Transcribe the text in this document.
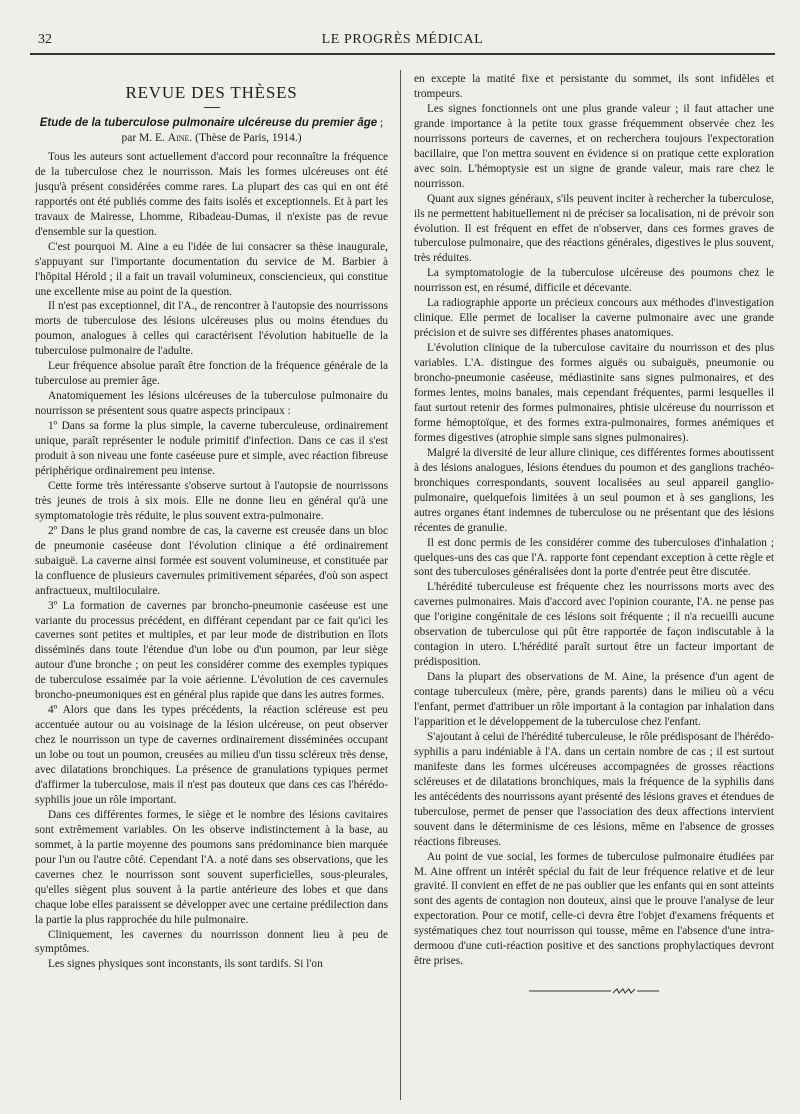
32	LE PROGRÈS MÉDICAL
REVUE DES THÈSES
Etude de la tuberculose pulmonaire ulcéreuse du premier âge ; par M. E. Aine. (Thèse de Paris, 1914.)

Tous les auteurs sont actuellement d'accord pour reconnaître la fréquence de la tuberculose chez le nourrisson. Mais les formes ulcéreuses ont été jusqu'à présent considérées comme rares. La plupart des cas qui en ont été rapportés ont été publiés comme des faits isolés et exceptionnels. Et à part les travaux de Mairesse, Lhomme, Ribadeau-Dumas, il n'existe pas de revue d'ensemble sur la question.

C'est pourquoi M. Aine a eu l'idée de lui consacrer sa thèse inaugurale, s'appuyant sur l'importante documentation du service de M. Barbier à l'hôpital Hérold ; il a fait un travail volumineux, consciencieux, qui constitue une excellente mise au point de la question.

Il n'est pas exceptionnel, dit l'A., de rencontrer à l'autopsie des nourrissons morts de tuberculose des lésions ulcéreuses plus ou moins étendues du poumon, analogues à celles qui caractérisent l'évolution habituelle de la tuberculose pulmonaire de l'adulte.

Leur fréquence absolue paraît être fonction de la fréquence générale de la tuberculose au premier âge.

Anatomiquement les lésions ulcéreuses de la tuberculose pulmonaire du nourrisson se présentent sous quatre aspects principaux :

1º Dans sa forme la plus simple, la caverne tuberculeuse, ordinairement unique, paraît représenter le nodule primitif d'infection. Dans ce cas il s'est produit à son niveau une fonte caséeuse pure et simple, avec réaction fibreuse périphérique ordinairement peu intense.

Cette forme très intéressante s'observe surtout à l'autopsie de nourrissons très jeunes de trois à six mois. Elle ne donne lieu en général qu'à une symptomatologie très réduite, le plus souvent extra-pulmonaire.

2º Dans le plus grand nombre de cas, la caverne est creusée dans un bloc de pneumonie caséeuse dont l'évolution clinique a été ordinairement subaiguë. La caverne ainsi formée est souvent volumineuse, et constituée par la confluence de plusieurs cavernules primitivement séparées, d'où son aspect anfractueux, multiloculaire.

3º La formation de cavernes par broncho-pneumonie caséeuse est une variante du processus précédent, en différant cependant par ce fait qu'ici les cavernes sont petites et multiples, et par leur mode de distribution en îlots disséminés dans toute l'étendue d'un lobe ou d'un poumon, par leur siège autour d'une bronche ; on peut les considérer comme des exemples typiques de tuberculose essaimée par la voie aérienne. L'évolution de ces cavernules broncho-pneumoniques est en général plus rapide que dans les autres formes.

4º Alors que dans les types précédents, la réaction scléreuse est peu accentuée autour ou au voisinage de la lésion ulcéreuse, on peut observer chez le nourrisson un type de cavernes ordinairement disséminées occupant un lobe ou tout un poumon, creusées au milieu d'un tissu scléreux très dense, avec dilatations bronchiques. La présence de granulations typiques permet d'affirmer la tuberculose, mais il n'est pas douteux que dans ces cas l'hérédo-syphilis joue un rôle important.

Dans ces différentes formes, le siège et le nombre des lésions cavitaires sont extrêmement variables. On les observe indistinctement à la base, au sommet, à la partie moyenne des poumons sans prédominance bien marquée pour l'un ou l'autre côté. Cependant l'A. a noté dans ses observations, que les cavernes chez le nourrisson sont souvent superficielles, sous-pleurales, qu'elles siègent plus souvent à la partie antérieure des lobes et que dans chaque lobe elles paraissent se développer avec une certaine prédilection dans la partie la plus rapprochée du hile pulmonaire.

Cliniquement, les cavernes du nourrisson donnent lieu à peu de symptômes.

Les signes physiques sont inconstants, ils sont tardifs. Si l'on

en excepte la matité fixe et persistante du sommet, ils sont infidèles et trompeurs.

Les signes fonctionnels ont une plus grande valeur ; il faut attacher une grande importance à la petite toux grasse fréquemment observée chez les nourrissons porteurs de cavernes, et on recherchera toujours l'expectoration bacillaire, que l'on mettra souvent en évidence si on pratique cette exploration avec soin. L'hémoptysie est un signe de grande valeur, mais rare chez le nourrisson.

Quant aux signes généraux, s'ils peuvent inciter à rechercher la tuberculose, ils ne permettent habituellement ni de préciser sa localisation, ni de prévoir son évolution. Il est fréquent en effet de n'observer, dans ces formes graves de tuberculose pulmonaire, que des réactions générales, digestives le plus souvent, très réduites.

La symptomatologie de la tuberculose ulcéreuse des poumons chez le nourrisson est, en résumé, difficile et décevante.

La radiographie apporte un précieux concours aux méthodes d'investigation clinique. Elle permet de localiser la caverne pulmonaire avec une grande précision et de suivre ses différentes phases anatomiques.

L'évolution clinique de la tuberculose cavitaire du nourrisson et des plus variables. L'A. distingue des formes aiguës ou subaiguës, pneumonie ou broncho-pneumonie caséeuse, médiastinite sans signes pulmonaires, et des formes lentes, moins banales, mais cependant fréquentes, parmi lesquelles il faut surtout retenir des formes pulmonaires, phtisie ulcéreuse du nourrisson et forme hémoptoïque, et des formes extra-pulmonaires, formes anémiques et formes digestives (atrophie simple sans signes pulmonaires).

Malgré la diversité de leur allure clinique, ces différentes formes aboutissent à des lésions analogues, lésions étendues du poumon et des ganglions trachéo-bronchiques correspondants, souvent localisées au seul appareil ganglio-pulmonaire, quelquefois limitées à un seul poumon et à ses ganglions, les autres organes étant indemnes de tuberculose ou ne présentant que des lésions récentes de granulie.

Il est donc permis de les considérer comme des tuberculoses d'inhalation ; quelques-uns des cas que l'A. rapporte font cependant exception à cette règle et sont des tuberculoses généralisées dont la porte d'entrée peut être discutée.

L'hérédité tuberculeuse est fréquente chez les nourrissons morts avec des cavernes pulmonaires. Mais d'accord avec l'opinion courante, l'A. ne pense pas que l'origine congénitale de ces lésions soit fréquente ; il n'a recueilli aucune observation de tuberculose qui pût être rapportée de façon indiscutable à la contagion in utero. L'hérédité paraît surtout être un facteur important de prédisposition.

Dans la plupart des observations de M. Aine, la présence d'un agent de contage tuberculeux (mère, père, grands parents) dans le milieu où a vécu l'enfant, permet d'attribuer un rôle important à la contagion par inhalation dans l'apparition et le développement de la tuberculose chez l'enfant.

S'ajoutant à celui de l'hérédité tuberculeuse, le rôle prédisposant de l'hérédo-syphilis a paru indéniable à l'A. dans un certain nombre de cas ; il est surtout manifeste dans les formes ulcéreuses accompagnées de grosses réactions scléreuses et de dilatations bronchiques, mais la fréquence de la syphilis dans les antécédents des nourrissons ayant présenté des lésions graves et étendues de tuberculose, permet de penser que l'association des deux affections intervient souvent dans le déterminisme de ces lésions, même en l'absence de grosses réactions fibreuses.

Au point de vue social, les formes de tuberculose pulmonaire étudiées par M. Aine offrent un intérêt spécial du fait de leur fréquence relative et de leur gravité. Il convient en effet de ne pas oublier que les enfants qui en sont atteints sont des agents de contagion non douteux, ainsi que le prouve l'analyse de leur expectoration. Pour ce motif, celle-ci devra être l'objet d'examens fréquents et systématiques chez tout nourrisson qui tousse, même en l'absence d'une intra-dermoou d'une cuti-réaction positive et des sanctions prophylactiques devront être prises.
